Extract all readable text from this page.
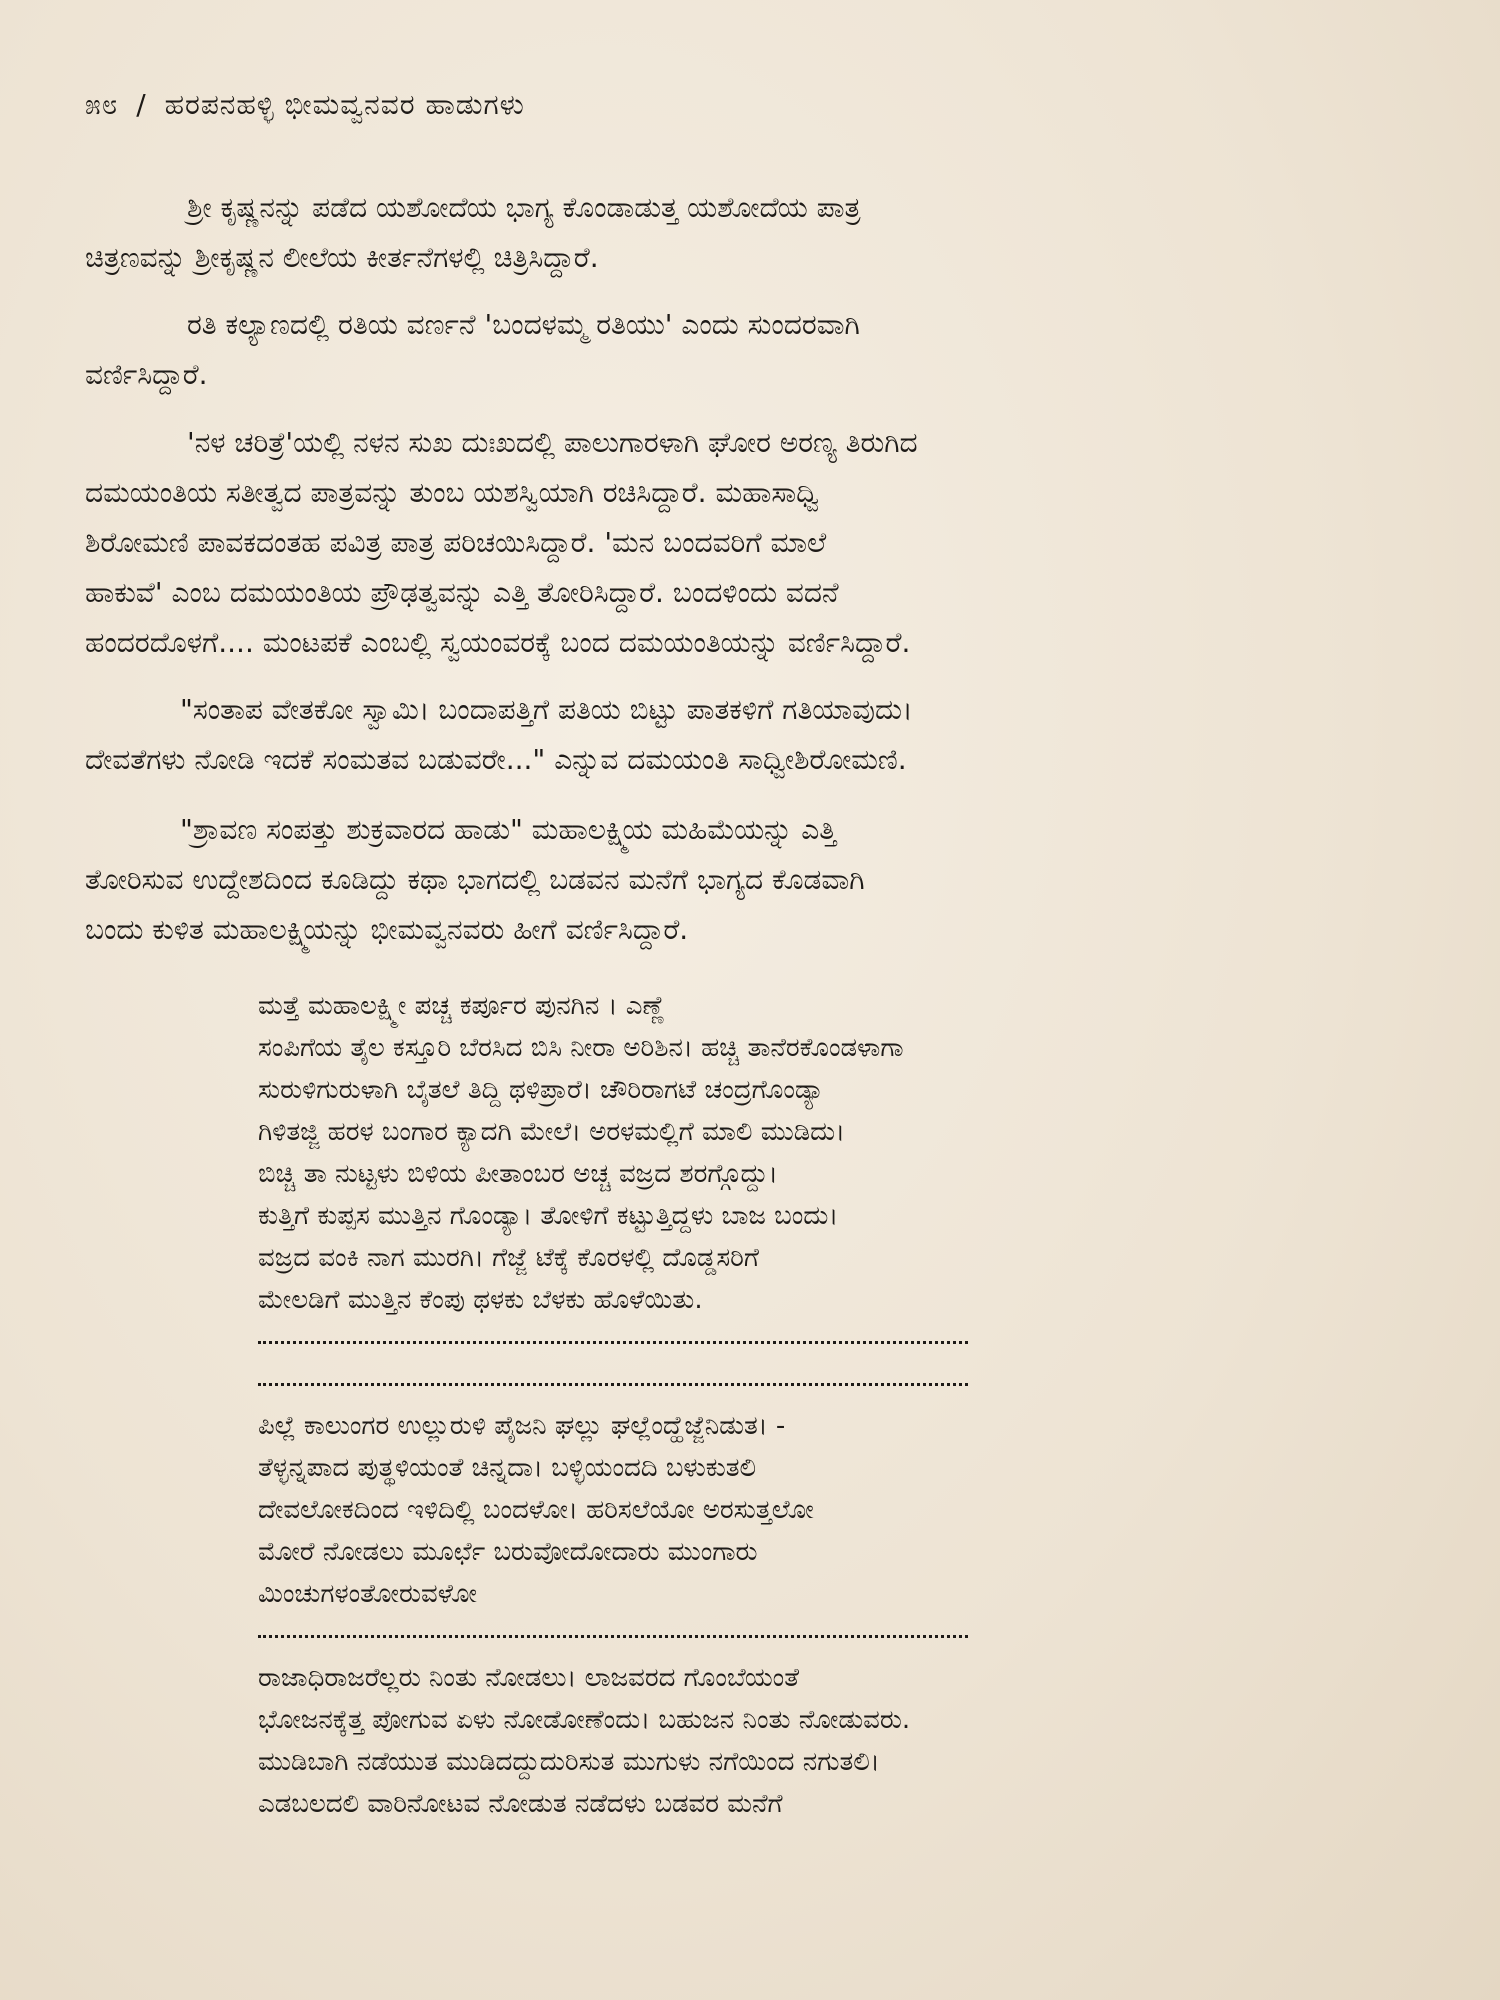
೫೮ / ಹರಪನಹಳ್ಳಿ ಭೀಮವ್ವನವರ ಹಾಡುಗಳು
ಶ್ರೀ ಕೃಷ್ಣನನ್ನು ಪಡೆದ ಯಶೋದೆಯ ಭಾಗ್ಯ ಕೊಂಡಾಡುತ್ತ ಯಶೋದೆಯ ಪಾತ್ರ
ಚಿತ್ರಣವನ್ನು ಶ್ರೀಕೃಷ್ಣನ ಲೀಲೆಯ ಕೀರ್ತನೆಗಳಲ್ಲಿ ಚಿತ್ರಿಸಿದ್ದಾರೆ.
ರತಿ ಕಲ್ಯಾಣದಲ್ಲಿ ರತಿಯ ವರ್ಣನೆ 'ಬಂದಳಮ್ಮ ರತಿಯು' ಎಂದು ಸುಂದರವಾಗಿ
ವರ್ಣಿಸಿದ್ದಾರೆ.
'ನಳ ಚರಿತ್ರೆ'ಯಲ್ಲಿ ನಳನ ಸುಖ ದುಃಖದಲ್ಲಿ ಪಾಲುಗಾರಳಾಗಿ ಘೋರ ಅರಣ್ಯ ತಿರುಗಿದ
ದಮಯಂತಿಯ ಸತೀತ್ವದ ಪಾತ್ರವನ್ನು ತುಂಬ ಯಶಸ್ವಿಯಾಗಿ ರಚಿಸಿದ್ದಾರೆ. ಮಹಾಸಾಧ್ವಿ
ಶಿರೋಮಣಿ ಪಾವಕದಂತಹ ಪವಿತ್ರ ಪಾತ್ರ ಪರಿಚಯಿಸಿದ್ದಾರೆ. 'ಮನ ಬಂದವರಿಗೆ ಮಾಲೆ
ಹಾಕುವೆ' ಎಂಬ ದಮಯಂತಿಯ ಪ್ರೌಢತ್ವವನ್ನು ಎತ್ತಿ ತೋರಿಸಿದ್ದಾರೆ. ಬಂದಳಿಂದು ವದನೆ
ಹಂದರದೊಳಗೆ.... ಮಂಟಪಕೆ ಎಂಬಲ್ಲಿ ಸ್ವಯಂವರಕ್ಕೆ ಬಂದ ದಮಯಂತಿಯನ್ನು ವರ್ಣಿಸಿದ್ದಾರೆ.
"ಸಂತಾಪ ವೇತಕೋ ಸ್ವಾಮಿ। ಬಂದಾಪತ್ತಿಗೆ ಪತಿಯ ಬಿಟ್ಟು ಪಾತಕಳಿಗೆ ಗತಿಯಾವುದು।
ದೇವತೆಗಳು ನೋಡಿ ಇದಕೆ ಸಂಮತವ ಬಡುವರೇ..." ಎನ್ನುವ ದಮಯಂತಿ ಸಾಧ್ವೀಶಿರೋಮಣಿ.
"ಶ್ರಾವಣ ಸಂಪತ್ತು ಶುಕ್ರವಾರದ ಹಾಡು" ಮಹಾಲಕ್ಷ್ಮಿಯ ಮಹಿಮೆಯನ್ನು ಎತ್ತಿ
ತೋರಿಸುವ ಉದ್ದೇಶದಿಂದ ಕೂಡಿದ್ದು ಕಥಾ ಭಾಗದಲ್ಲಿ ಬಡವನ ಮನೆಗೆ ಭಾಗ್ಯದ ಕೊಡವಾಗಿ
ಬಂದು ಕುಳಿತ ಮಹಾಲಕ್ಷ್ಮಿಯನ್ನು ಭೀಮವ್ವನವರು ಹೀಗೆ ವರ್ಣಿಸಿದ್ದಾರೆ.
ಮತ್ತೆ ಮಹಾಲಕ್ಷ್ಮೀ ಪಚ್ಚ ಕರ್ಪೂರ ಪುನಗಿನ । ಎಣ್ಣೆ
ಸಂಪಿಗೆಯ ತೈಲ ಕಸ್ತೂರಿ ಬೆರಸಿದ ಬಿಸಿ ನೀರಾ ಅರಿಶಿನ। ಹಚ್ಚಿ ತಾನೆರಕೊಂಡಳಾಗಾ
ಸುರುಳಿಗುರುಳಾಗಿ ಬೈತಲೆ ತಿದ್ದಿ ಥಳಿಪ್ರಾರೆ। ಚೌರಿರಾಗಟೆ ಚಂದ್ರಗೊಂಡ್ಯಾ
ಗಿಳಿತಜ್ಜಿ ಹರಳ ಬಂಗಾರ ಕ್ಯಾದಗಿ ಮೇಲೆ। ಅರಳಮಲ್ಲಿಗೆ ಮಾಲಿ ಮುಡಿದು।
ಬಿಚ್ಚಿ ತಾ ನುಟ್ಟಳು ಬಿಳಿಯ ಪೀತಾಂಬರ ಅಚ್ಚ ವಜ್ರದ ಶರಗ್ಗೊದ್ದು।
ಕುತ್ತಿಗೆ ಕುಪ್ಪಸ ಮುತ್ತಿನ ಗೊಂಡ್ಯಾ। ತೋಳಿಗೆ ಕಟ್ಟುತ್ತಿದ್ದಳು ಬಾಜ ಬಂದು।
ವಜ್ರದ ವಂಕಿ ನಾಗ ಮುರಗಿ। ಗೆಜ್ಜೆ ಟೆಕ್ಕೆ ಕೊರಳಲ್ಲಿ ದೊಡ್ಡಸರಿಗೆ
ಮೇಲಡಿಗೆ ಮುತ್ತಿನ ಕೆಂಪು ಥಳಕು ಬೆಳಕು ಹೊಳೆಯಿತು.
ಪಿಲ್ಲೆ ಕಾಲುಂಗರ ಉಲ್ಲುರುಳಿ ಪೈಜನಿ ಘಲ್ಲು ಘಲ್ಲೆಂದ್ಹೆಜ್ಜೆನಿಡುತ। -
ತೆಳ್ಳನ್ನಪಾದ ಪುತ್ಥಳಿಯಂತೆ ಚಿನ್ನದಾ। ಬಳ್ಳಿಯಂದದಿ ಬಳುಕುತಲಿ
ದೇವಲೋಕದಿಂದ ಇಳಿದಿಲ್ಲಿ ಬಂದಳೋ। ಹರಿಸಲೆಯೋ ಅರಸುತ್ತಲೋ
ಮೋರೆ ನೋಡಲು ಮೂರ್ಛೆ ಬರುವೋದೋದಾರು ಮುಂಗಾರು
ಮಿಂಚುಗಳಂತೋರುವಳೋ
ರಾಜಾಧಿರಾಜರೆಲ್ಲರು ನಿಂತು ನೋಡಲು। ಲಾಜವರದ ಗೊಂಬೆಯಂತೆ
ಭೋಜನಕ್ಕೆತ್ತ ಪೋಗುವ ಏಳು ನೋಡೋಣೆಂದು। ಬಹುಜನ ನಿಂತು ನೋಡುವರು.
ಮುಡಿಬಾಗಿ ನಡೆಯುತ ಮುಡಿದದ್ದುದುರಿಸುತ ಮುಗುಳು ನಗೆಯಿಂದ ನಗುತಲಿ।
ಎಡಬಲದಲಿ ವಾರಿನೋಟವ ನೋಡುತ ನಡೆದಳು ಬಡವರ ಮನೆಗೆ
